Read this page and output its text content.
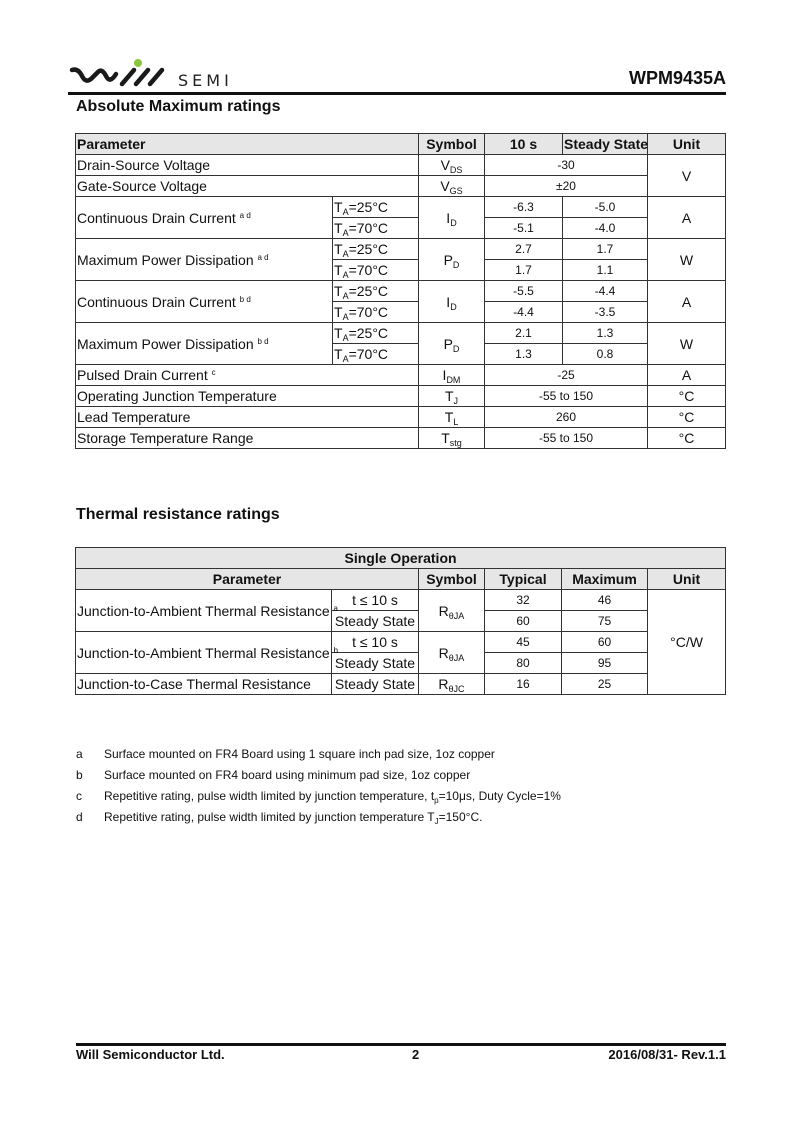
SEMI	WPM9435A
Absolute Maximum ratings
Parameter		Symbol	10 s	Steady State	Unit
Drain-Source Voltage		$V_{DS}$	-30		V
Gate-Source Voltage		$V_{GS}$	±20		
Continuous Drain Current $^{a d}$	$T_A=25^\circ C$	$I_D$	-6.3	-5.0	A
	$T_A=70^\circ C$		-5.1	-4.0	
Maximum Power Dissipation $^{a d}$	$T_A=25^\circ C$	$P_D$	2.7	1.7	W
	$T_A=70^\circ C$		1.7	1.1	
Continuous Drain Current $^{b d}$	$T_A=25^\circ C$	$I_D$	-5.5	-4.4	A
	$T_A=70^\circ C$		-4.4	-3.5	
Maximum Power Dissipation $^{b d}$	$T_A=25^\circ C$	$P_D$	2.1	1.3	W
	$T_A=70^\circ C$		1.3	0.8	
Pulsed Drain Current $^c$		$I_{DM}$	-25		A
Operating Junction Temperature		$T_J$	-55 to 150		°C
Lead Temperature		$T_L$	260		°C
Storage Temperature Range		$T_{stg}$	-55 to 150		°C
Thermal resistance ratings
Single Operation					
Parameter		Symbol	Typical	Maximum	Unit
Junction-to-Ambient Thermal Resistance $^a$	t ≤ 10 s	$R_{\theta JA}$	32	46	°C/W
	Steady State		60	75	
Junction-to-Ambient Thermal Resistance $^b$	t ≤ 10 s	$R_{\theta JA}$	45	60	
	Steady State		80	95	
Junction-to-Case Thermal Resistance	Steady State	$R_{\theta JC}$	16	25	
a Surface mounted on FR4 Board using 1 square inch pad size, 1oz copper
b Surface mounted on FR4 board using minimum pad size, 1oz copper
c Repetitive rating, pulse width limited by junction temperature, $t_p=10\mu s$, Duty Cycle=1%
d Repetitive rating, pulse width limited by junction temperature $T_J=150^\circ C$.
Will Semiconductor Ltd.	2	2016/08/31- Rev.1.1
